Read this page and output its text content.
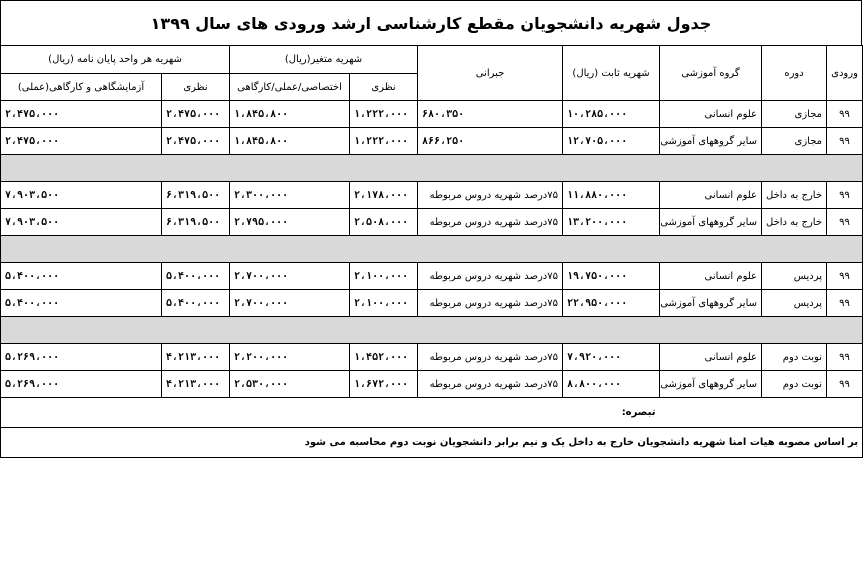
جدول شهریه دانشجویان مقطع کارشناسی ارشد ورودی های سال ۱۳۹۹
ورودی	دوره	گروه آموزشی	شهریه ثابت (ریال)	جبرانی	شهریه متغیر(ریال)		شهریه هر واحد پایان نامه (ریال)	
					نظری	اختصاصی/عملی/کارگاهی	نظری	آزمایشگاهی و کارگاهی(عملی)
۹۹	مجازی	علوم انسانی	۱۰،۲۸۵،۰۰۰	۶۸۰،۳۵۰	۱،۲۲۲،۰۰۰	۱،۸۴۵،۸۰۰	۲،۴۷۵،۰۰۰	۲،۴۷۵،۰۰۰
۹۹	مجازی	سایر گروههای آموزشی	۱۲،۷۰۵،۰۰۰	۸۶۶،۲۵۰	۱،۲۲۲،۰۰۰	۱،۸۴۵،۸۰۰	۲،۴۷۵،۰۰۰	۲،۴۷۵،۰۰۰

۹۹	خارج به داخل	علوم انسانی	۱۱،۸۸۰،۰۰۰	۷۵درصد شهریه دروس مربوطه	۲،۱۷۸،۰۰۰	۲،۳۰۰،۰۰۰	۶،۳۱۹،۵۰۰	۷،۹۰۳،۵۰۰
۹۹	خارج به داخل	سایر گروههای آموزشی	۱۳،۲۰۰،۰۰۰	۷۵درصد شهریه دروس مربوطه	۲،۵۰۸،۰۰۰	۲،۷۹۵،۰۰۰	۶،۳۱۹،۵۰۰	۷،۹۰۳،۵۰۰

۹۹	پردیس	علوم انسانی	۱۹،۷۵۰،۰۰۰	۷۵درصد شهریه دروس مربوطه	۲،۱۰۰،۰۰۰	۲،۷۰۰،۰۰۰	۵،۴۰۰،۰۰۰	۵،۴۰۰،۰۰۰
۹۹	پردیس	سایر گروههای آموزشی	۲۲،۹۵۰،۰۰۰	۷۵درصد شهریه دروس مربوطه	۲،۱۰۰،۰۰۰	۲،۷۰۰،۰۰۰	۵،۴۰۰،۰۰۰	۵،۴۰۰،۰۰۰

۹۹	نوبت دوم	علوم انسانی	۷،۹۲۰،۰۰۰	۷۵درصد شهریه دروس مربوطه	۱،۴۵۲،۰۰۰	۲،۲۰۰،۰۰۰	۴،۲۱۳،۰۰۰	۵،۲۶۹،۰۰۰
۹۹	نوبت دوم	سایر گروههای آموزشی	۸،۸۰۰،۰۰۰	۷۵درصد شهریه دروس مربوطه	۱،۶۷۲،۰۰۰	۲،۵۳۰،۰۰۰	۴،۲۱۳،۰۰۰	۵،۲۶۹،۰۰۰
			تبصره:					
بر اساس مصوبه هیات امنا شهریه دانشجویان خارج به داخل یک و نیم برابر دانشجویان نوبت دوم محاسبه می شود								
